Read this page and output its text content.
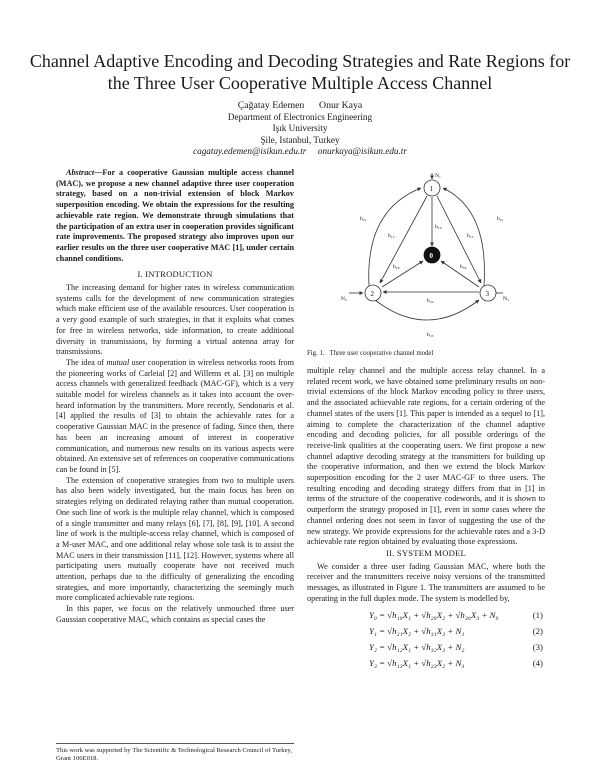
Channel Adaptive Encoding and Decoding Strategies and Rate Regions for
the Three User Cooperative Multiple Access Channel
Çağatay Edemen      Onur Kaya
Department of Electronics Engineering
Işık University
Şile, Istanbul, Turkey
cagatay.edemen@isikun.edu.tr     onurkaya@isikun.edu.tr

Abstract—For a cooperative Gaussian multiple access channel (MAC), we propose a new channel adaptive three user cooperation strategy, based on a non-trivial extension of block Markov superposition encoding. We obtain the expressions for the resulting achievable rate region. We demonstrate through simulations that the participation of an extra user in cooperation provides significant rate improvements. The proposed strategy also improves upon our earlier results on the three user cooperative MAC [1], under certain channel conditions.

I. INTRODUCTION

The increasing demand for higher rates in wireless communication systems calls for the development of new communication strategies which make efficient use of the available resources. User cooperation is a very good example of such strategies, in that it exploits what comes for free in wireless networks, side information, to create additional diversity in transmissions, by forming a virtual antenna array for transmissions.

The idea of mutual user cooperation in wireless networks roots from the pioneering works of Carleial [2] and Willems et al. [3] on multiple access channels with generalized feedback (MAC-GF), which is a very suitable model for wireless channels as it takes into account the over-heard information by the transmitters. More recently, Sendonaris et al. [4] applied the results of [3] to obtain the achievable rates for a cooperative Gaussian MAC in the presence of fading. Since then, there has been an increasing amount of interest in cooperative communication, and numerous new results on its various aspects were obtained. An extensive set of references on cooperative communications can be found in [5].

The extension of cooperative strategies from two to multiple users has also been widely investigated, but the main focus has been on strategies relying on dedicated relaying rather than mutual cooperation. One such line of work is the multiple relay channel, which is composed of a single transmitter and many relays [6], [7], [8], [9], [10]. A second line of work is the multiple-access relay channel, which is composed of a M-user MAC, and one additional relay whose sole task is to assist the MAC users in their transmission [11], [12]. However, systems where all participating users mutually cooperate have not received much attention, perhaps due to the difficulty of generalizing the encoding strategies, and more importantly, characterizing the seemingly much more complicated achievable rate regions.

In this paper, we focus on the relatively unmouched three user Gaussian cooperative MAC, which contains as special cases the

This work was supported by The Scientific & Technological Research Council of Turkey, Grant 106E018.
1
0
2	3
N₁
N₂	N₃
h₂₁	h₃₁
h₁₂	h₁₃
h₁₀
h₂₀	h₃₀
h₃₂
h₂₃
Fig. 1.   Three user cooperative channel model

multiple relay channel and the multiple access relay channel. In a related recent work, we have obtained some preliminary results on non-trivial extensions of the block Markov encoding policy to three users, and the associated achievable rate regions, for a certain ordering of the channel states of the users [1]. This paper is intended as a sequel to [1], aiming to complete the characterization of the channel adaptive encoding and decoding policies, for all possible orderings of the receive-link qualities at the cooperating users. We first propose a new channel adaptive decoding strategy at the transmitters for building up the cooperative information, and then we extend the block Markov superposition encoding for the 2 user MAC-GF to three users. The resulting encoding and decoding strategy differs from that in [1] in terms of the structure of the cooperative codewords, and it is shown to outperform the strategy proposed in [1], even in some cases where the channel ordering does not seem in favor of suggesting the use of the new strategy. We provide expressions for the achievable rates and a 3-D achievable rate region obtained by evaluating those expressions.

II. SYSTEM MODEL

We consider a three user fading Gaussian MAC, where both the receiver and the transmitters receive noisy versions of the transmitted messages, as illustrated in Figure 1. The transmitters are assumed to be operating in the full duplex mode. The system is modelled by,

Y₀ = √h₁₀X₁ + √h₂₀X₂ + √h₃₀X₃ + N₀	(1)
Y₁ = √h₂₁X₂ + √h₃₁X₃ + N₁	(2)
Y₂ = √h₁₂X₁ + √h₃₂X₃ + N₂	(3)
Y₃ = √h₁₃X₁ + √h₂₃X₂ + N₃	(4)
